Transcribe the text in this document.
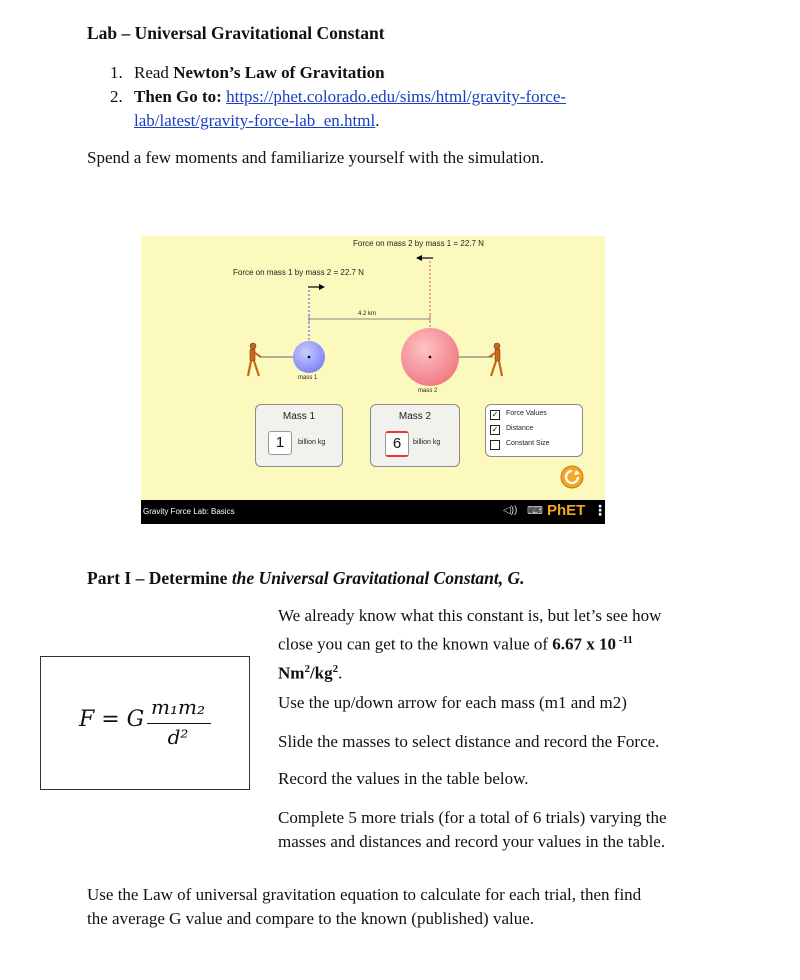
Lab – Universal Gravitational Constant
1. Read Newton’s Law of Gravitation
2. Then Go to: https://phet.colorado.edu/sims/html/gravity-force-
lab/latest/gravity-force-lab_en.html.
Spend a few moments and familiarize yourself with the simulation.
Force on mass 2 by mass 1 = 22.7 N
Force on mass 1 by mass 2 = 22.7 N
4.2 km
mass 1
mass 2
Mass 1
1	billion kg
Mass 2
6	billion kg
✓ Force Values
✓ Distance
Constant Size
Gravity Force Lab: Basics	◁)) ⌨ PhET ⋮
Part I – Determine the Universal Gravitational Constant, G.
F = G m₁m₂
d²
We already know what this constant is, but let’s see how
close you can get to the known value of 6.67 x 10 $^{-11}$
$Nm^2/kg^2$.
Use the up/down arrow for each mass (m1 and m2)
Slide the masses to select distance and record the Force.
Record the values in the table below.
Complete 5 more trials (for a total of 6 trials) varying the
masses and distances and record your values in the table.
Use the Law of universal gravitation equation to calculate for each trial, then find
the average G value and compare to the known (published) value.
